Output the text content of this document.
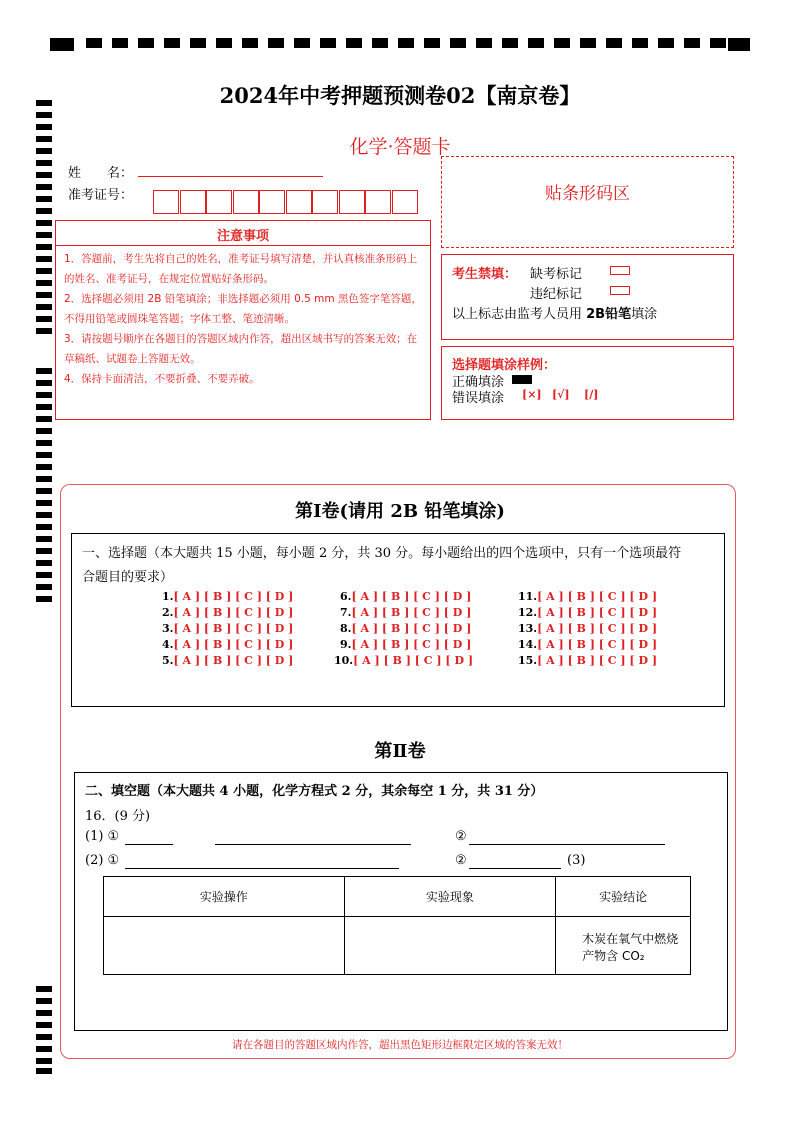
2024年中考押题预测卷02【南京卷】
化学·答题卡
姓　　名：
准考证号：	贴条形码区
注意事项
1．答题前，考生先将自己的姓名，准考证号填写清楚，并认真核准条形码上的姓名、准考证号，在规定位置贴好条形码。
2．选择题必须用 2B 铅笔填涂；非选择题必须用 0.5 mm 黑色签字笔答题，不得用铅笔或圆珠笔答题；字体工整、笔迹清晰。
3．请按题号顺序在各题目的答题区域内作答，超出区域书写的答案无效；在草稿纸、试题卷上答题无效。
4．保持卡面清洁，不要折叠、不要弄破。
考生禁填： 缺考标记
违纪标记
以上标志由监考人员用 2B铅笔填涂
选择题填涂样例：
正确填涂
错误填涂 [×] [√] [/]
第Ⅰ卷(请用 2B 铅笔填涂)
一、选择题（本大题共 15 小题，每小题 2 分，共 30 分。每小题给出的四个选项中，只有一个选项最符
合题目的要求）
1.[ A ] [ B ] [ C ] [ D ]
2.[ A ] [ B ] [ C ] [ D ]
3.[ A ] [ B ] [ C ] [ D ]
4.[ A ] [ B ] [ C ] [ D ]
5.[ A ] [ B ] [ C ] [ D ]
6.[ A ] [ B ] [ C ] [ D ]
7.[ A ] [ B ] [ C ] [ D ]
8.[ A ] [ B ] [ C ] [ D ]
9.[ A ] [ B ] [ C ] [ D ]
10.[ A ] [ B ] [ C ] [ D ]
11.[ A ] [ B ] [ C ] [ D ]
12.[ A ] [ B ] [ C ] [ D ]
13.[ A ] [ B ] [ C ] [ D ]
14.[ A ] [ B ] [ C ] [ D ]
15.[ A ] [ B ] [ C ] [ D ]
第Ⅱ卷
二、填空题（本大题共 4 小题，化学方程式 2 分，其余每空 1 分，共 31 分）
16．(9 分)
(1) ①	②
(2) ①	②	(3)
实验操作	实验现象	实验结论
		木炭在氧气中燃烧产物含 CO₂
请在各题目的答题区域内作答，超出黑色矩形边框限定区域的答案无效！
